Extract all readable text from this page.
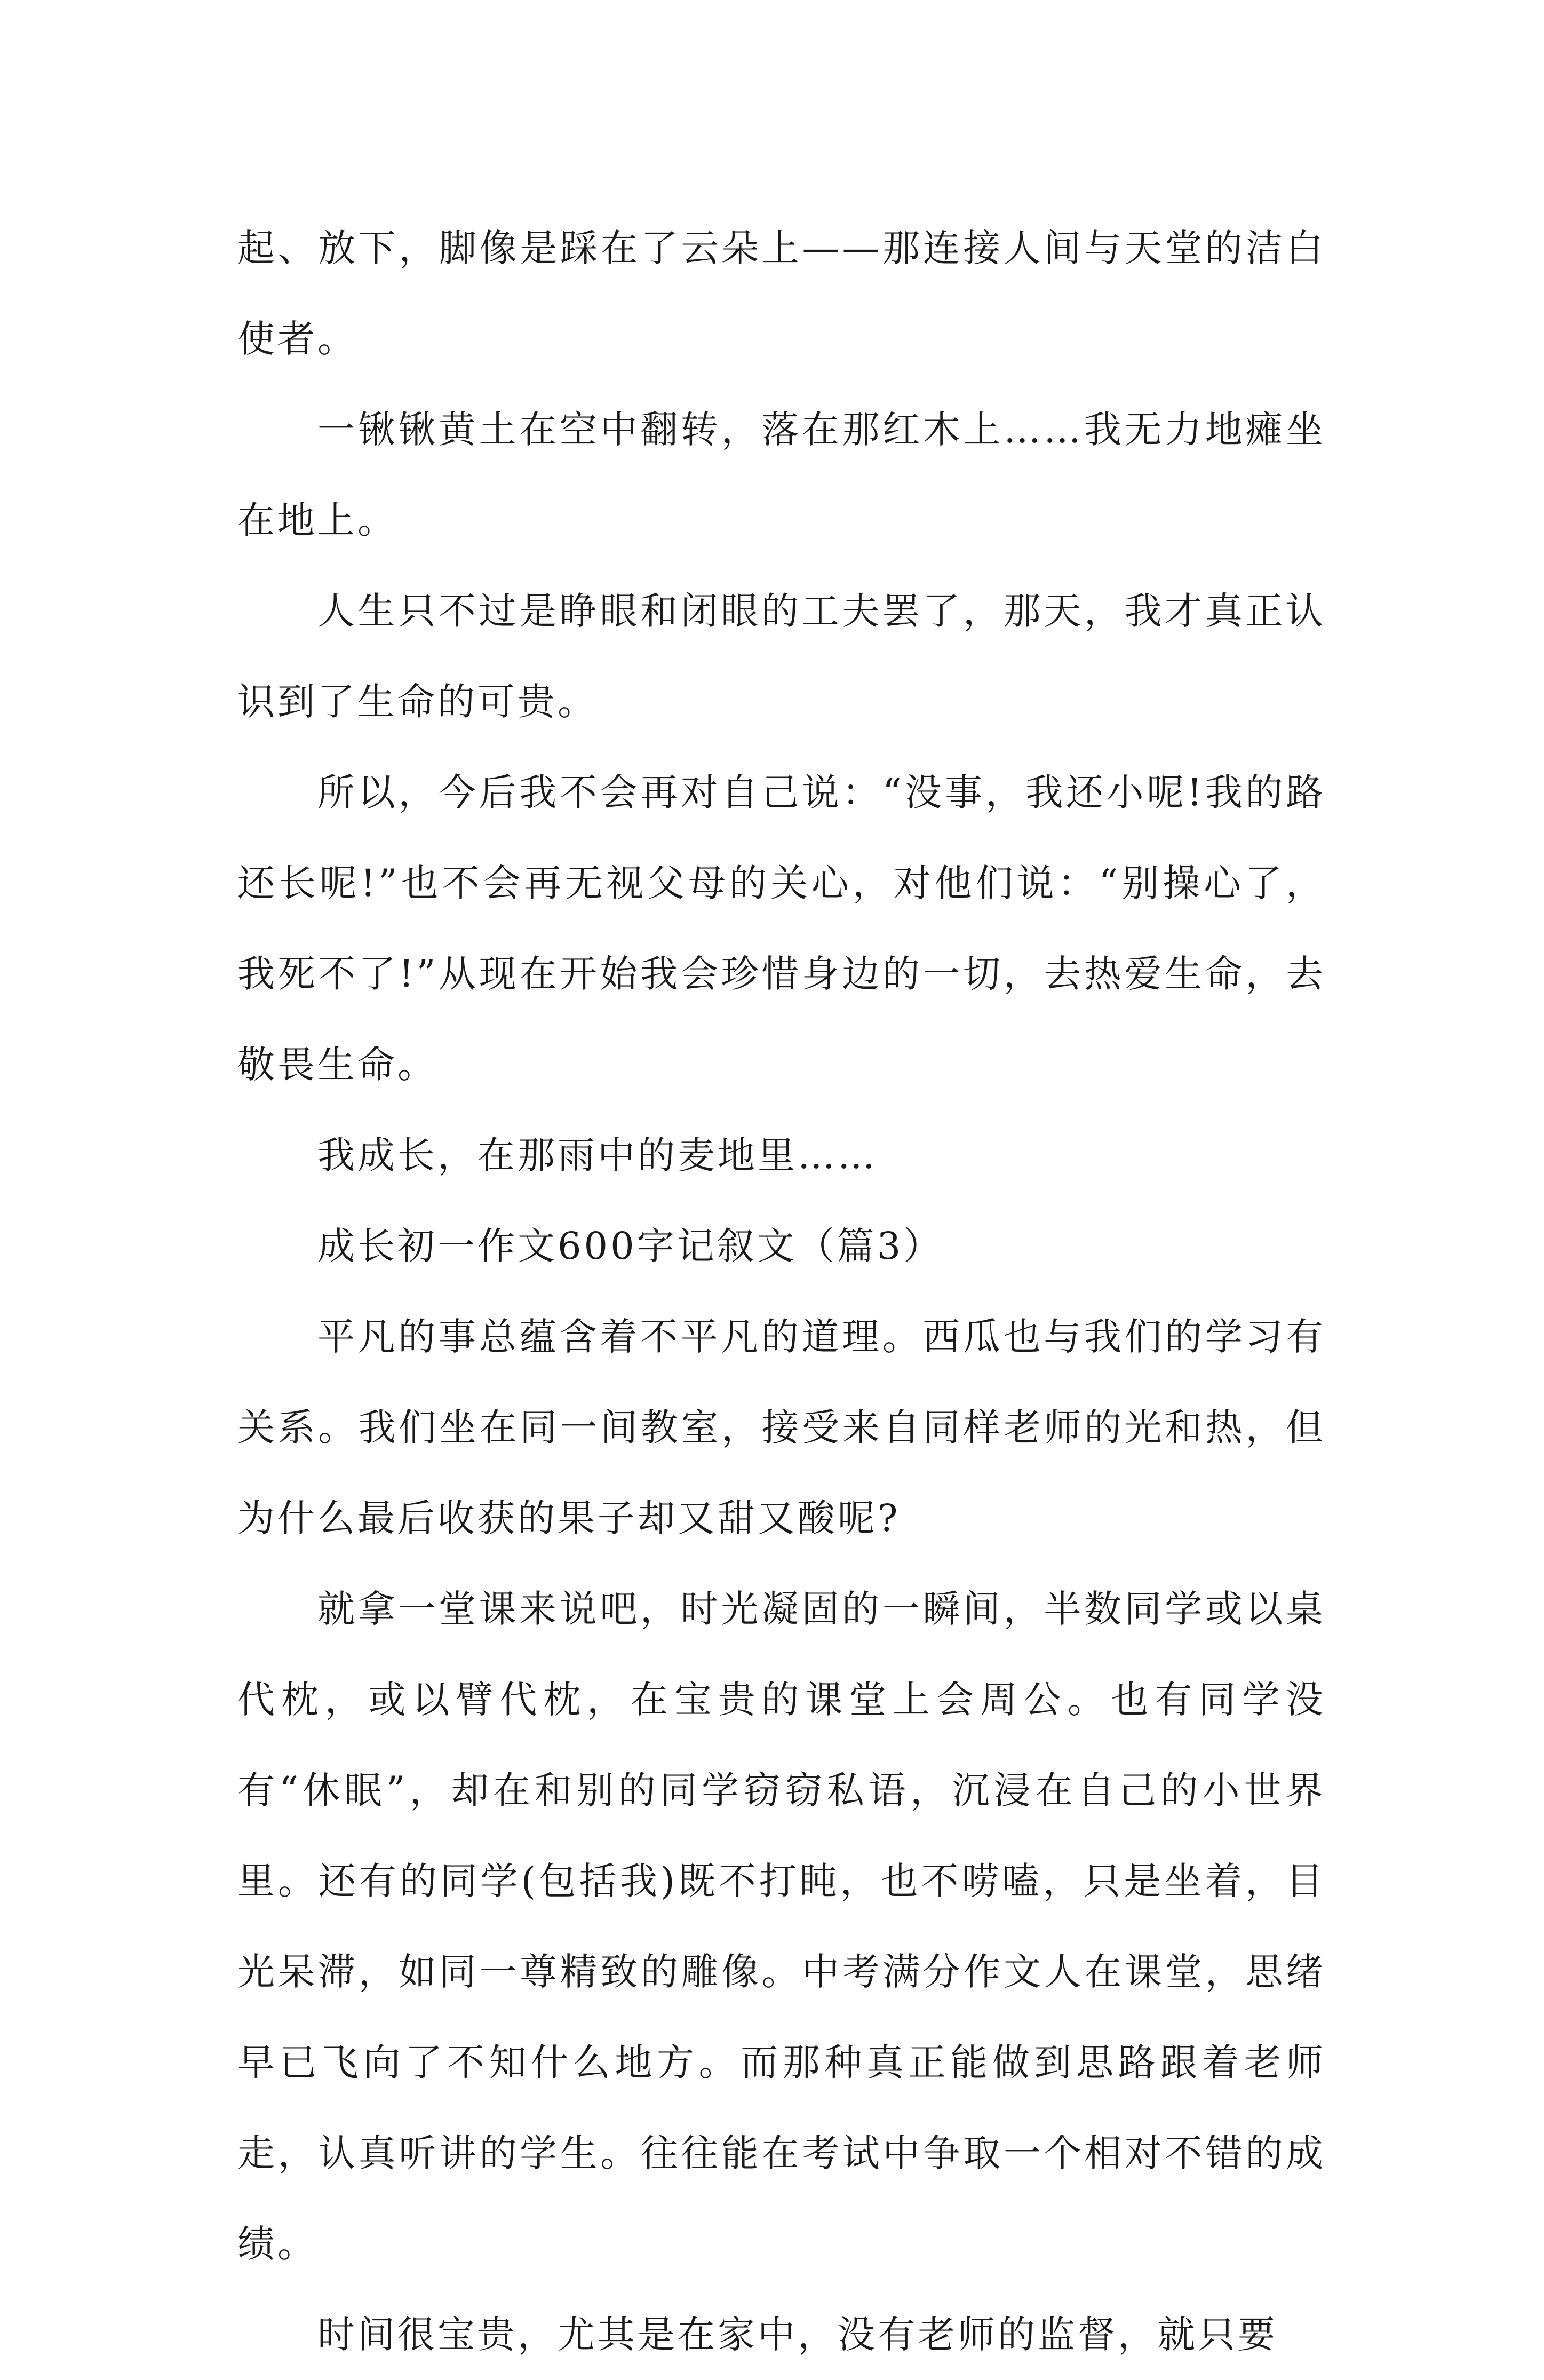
起、放下，脚像是踩在了云朵上——那连接人间与天堂的洁白使者。

一锹锹黄土在空中翻转，落在那红木上……我无力地瘫坐在地上。

人生只不过是睁眼和闭眼的工夫罢了，那天，我才真正认识到了生命的可贵。

所以，今后我不会再对自己说：“没事，我还小呢!我的路还长呢!”也不会再无视父母的关心，对他们说：“别操心了，我死不了!”从现在开始我会珍惜身边的一切，去热爱生命，去敬畏生命。

我成长，在那雨中的麦地里……

成长初一作文600字记叙文（篇3）

平凡的事总蕴含着不平凡的道理。西瓜也与我们的学习有关系。我们坐在同一间教室，接受来自同样老师的光和热，但为什么最后收获的果子却又甜又酸呢?

就拿一堂课来说吧，时光凝固的一瞬间，半数同学或以桌代枕，或以臂代枕，在宝贵的课堂上会周公。也有同学没有“休眠”，却在和别的同学窃窃私语，沉浸在自己的小世界里。还有的同学(包括我)既不打盹，也不唠嗑，只是坐着，目光呆滞，如同一尊精致的雕像。中考满分作文人在课堂，思绪早已飞向了不知什么地方。而那种真正能做到思路跟着老师走，认真听讲的学生。往往能在考试中争取一个相对不错的成绩。

时间很宝贵，尤其是在家中，没有老师的监督，就只要
